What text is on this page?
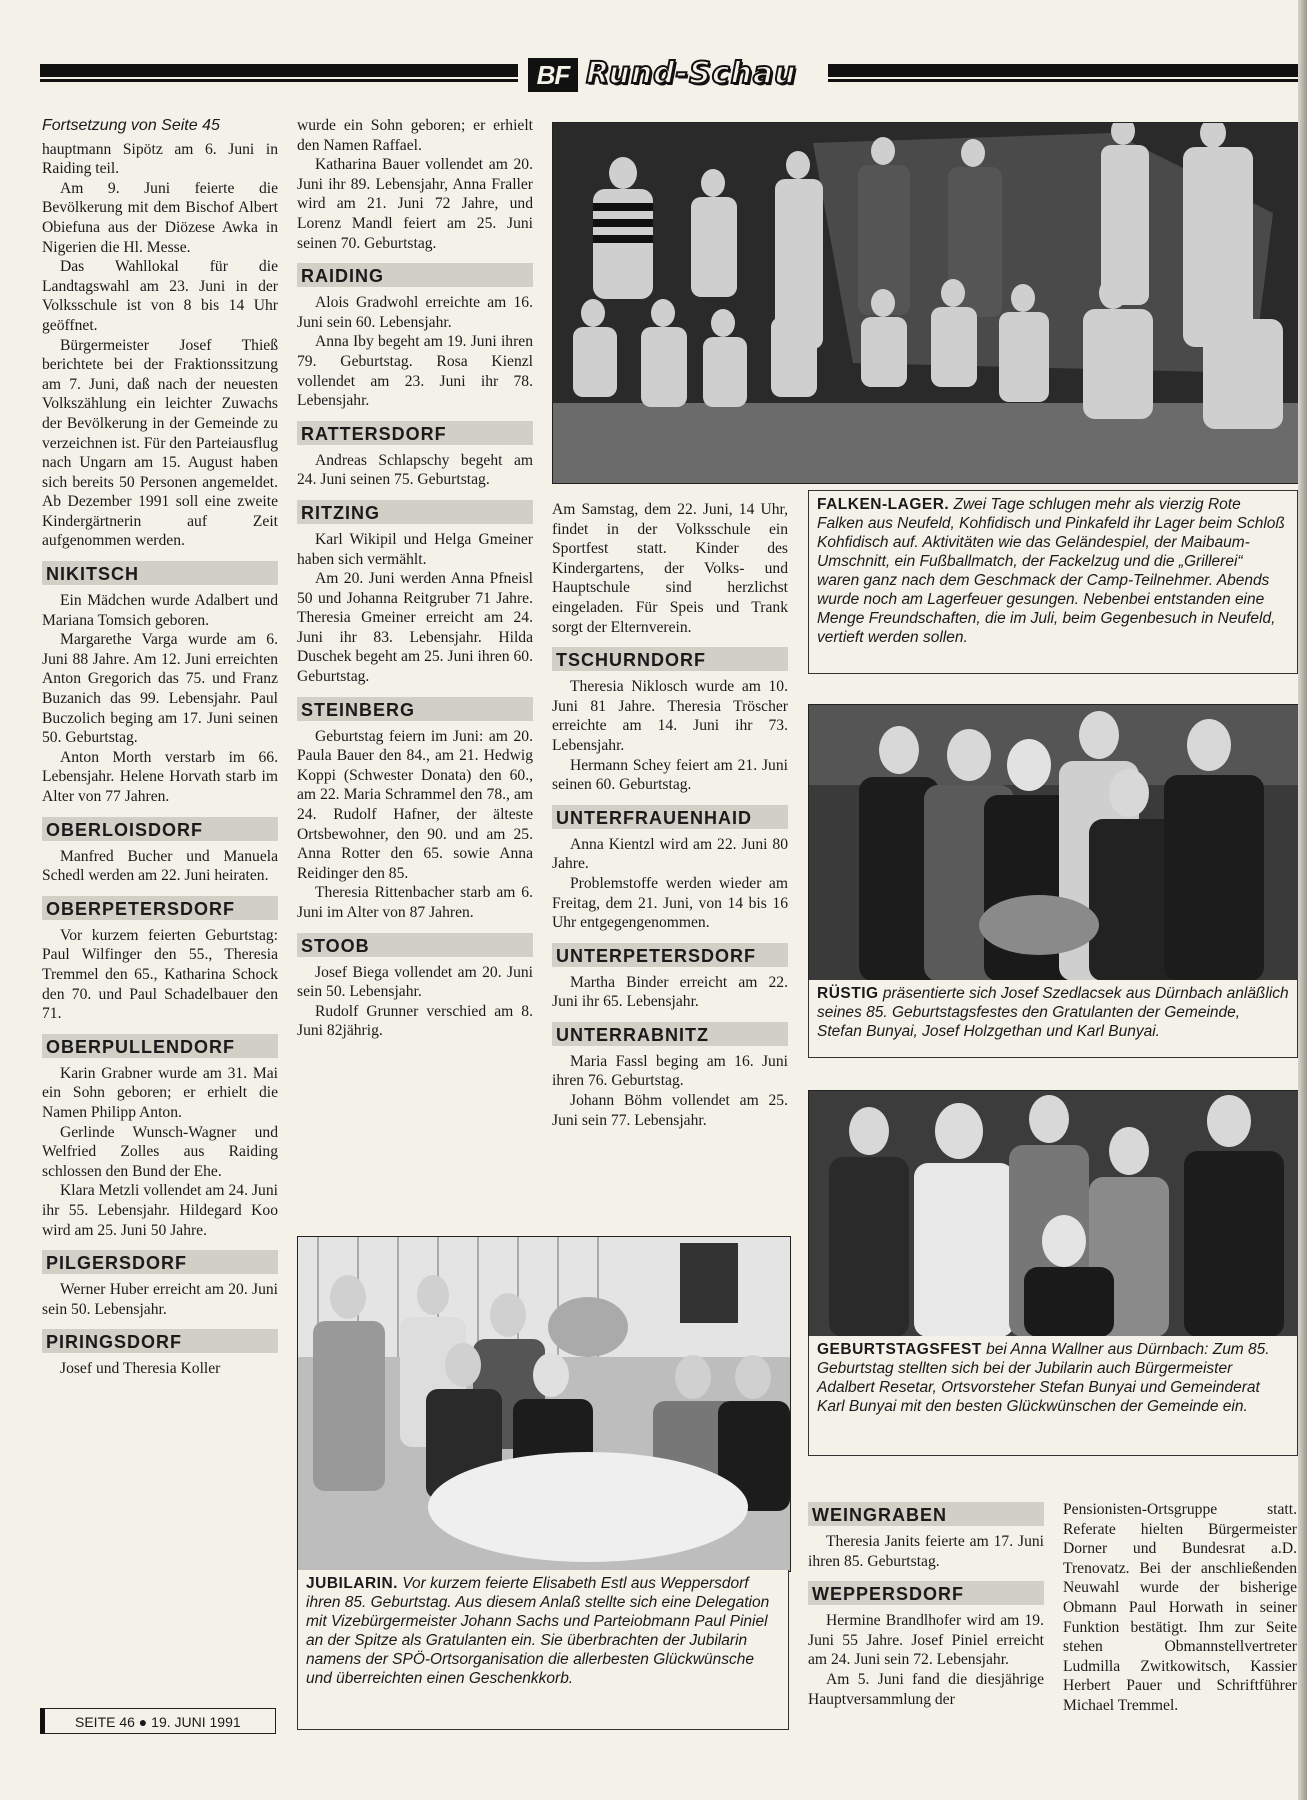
BF Rund-Schau
Fortsetzung von Seite 45

hauptmann Sipötz am 6. Juni in Raiding teil.

Am 9. Juni feierte die Bevölkerung mit dem Bischof Albert Obiefuna aus der Diözese Awka in Nigerien die Hl. Messe.

Das Wahllokal für die Landtagswahl am 23. Juni in der Volksschule ist von 8 bis 14 Uhr geöffnet.

Bürgermeister Josef Thieß berichtete bei der Fraktionssitzung am 7. Juni, daß nach der neuesten Volkszählung ein leichter Zuwachs der Bevölkerung in der Gemeinde zu verzeichnen ist. Für den Parteiausflug nach Ungarn am 15. August haben sich bereits 50 Personen angemeldet. Ab Dezember 1991 soll eine zweite Kindergärtnerin auf Zeit aufgenommen werden.

NIKITSCH

Ein Mädchen wurde Adalbert und Mariana Tomsich geboren.

Margarethe Varga wurde am 6. Juni 88 Jahre. Am 12. Juni erreichten Anton Gregorich das 75. und Franz Buzanich das 99. Lebensjahr. Paul Buczolich beging am 17. Juni seinen 50. Geburtstag.

Anton Morth verstarb im 66. Lebensjahr. Helene Horvath starb im Alter von 77 Jahren.

OBERLOISDORF

Manfred Bucher und Manuela Schedl werden am 22. Juni heiraten.

OBERPETERSDORF

Vor kurzem feierten Geburtstag: Paul Wilfinger den 55., Theresia Tremmel den 65., Katharina Schock den 70. und Paul Schadelbauer den 71.

OBERPULLENDORF

Karin Grabner wurde am 31. Mai ein Sohn geboren; er erhielt die Namen Philipp Anton.

Gerlinde Wunsch-Wagner und Welfried Zolles aus Raiding schlossen den Bund der Ehe.

Klara Metzli vollendet am 24. Juni ihr 55. Lebensjahr. Hildegard Koo wird am 25. Juni 50 Jahre.

PILGERSDORF

Werner Huber erreicht am 20. Juni sein 50. Lebensjahr.

PIRINGSDORF

Josef und Theresia Koller

wurde ein Sohn geboren; er erhielt den Namen Raffael.

Katharina Bauer vollendet am 20. Juni ihr 89. Lebensjahr, Anna Fraller wird am 21. Juni 72 Jahre, und Lorenz Mandl feiert am 25. Juni seinen 70. Geburtstag.

RAIDING

Alois Gradwohl erreichte am 16. Juni sein 60. Lebensjahr.

Anna Iby begeht am 19. Juni ihren 79. Geburtstag. Rosa Kienzl vollendet am 23. Juni ihr 78. Lebensjahr.

RATTERSDORF

Andreas Schlapschy begeht am 24. Juni seinen 75. Geburtstag.

RITZING

Karl Wikipil und Helga Gmeiner haben sich vermählt.

Am 20. Juni werden Anna Pfneisl 50 und Johanna Reitgruber 71 Jahre. Theresia Gmeiner erreicht am 24. Juni ihr 83. Lebensjahr. Hilda Duschek begeht am 25. Juni ihren 60. Geburtstag.

STEINBERG

Geburtstag feiern im Juni: am 20. Paula Bauer den 84., am 21. Hedwig Koppi (Schwester Donata) den 60., am 22. Maria Schrammel den 78., am 24. Rudolf Hafner, der älteste Ortsbewohner, den 90. und am 25. Anna Rotter den 65. sowie Anna Reidinger den 85.

Theresia Rittenbacher starb am 6. Juni im Alter von 87 Jahren.

STOOB

Josef Biega vollendet am 20. Juni sein 50. Lebensjahr.

Rudolf Grunner verschied am 8. Juni 82jährig.

Am Samstag, dem 22. Juni, 14 Uhr, findet in der Volksschule ein Sportfest statt. Kinder des Kindergartens, der Volks- und Hauptschule sind herzlichst eingeladen. Für Speis und Trank sorgt der Elternverein.

TSCHURNDORF

Theresia Niklosch wurde am 10. Juni 81 Jahre. Theresia Tröscher erreichte am 14. Juni ihr 73. Lebensjahr.

Hermann Schey feiert am 21. Juni seinen 60. Geburtstag.

UNTERFRAUENHAID

Anna Kientzl wird am 22. Juni 80 Jahre.

Problemstoffe werden wieder am Freitag, dem 21. Juni, von 14 bis 16 Uhr entgegengenommen.

UNTERPETERSDORF

Martha Binder erreicht am 22. Juni ihr 65. Lebensjahr.

UNTERRABNITZ

Maria Fassl beging am 16. Juni ihren 76. Geburtstag.

Johann Böhm vollendet am 25. Juni sein 77. Lebensjahr.

WEINGRABEN

Theresia Janits feierte am 17. Juni ihren 85. Geburtstag.

WEPPERSDORF

Hermine Brandlhofer wird am 19. Juni 55 Jahre. Josef Piniel erreicht am 24. Juni sein 72. Lebensjahr.

Am 5. Juni fand die diesjährige Hauptversammlung der

Pensionisten-Ortsgruppe statt. Referate hielten Bürgermeister Dorner und Bundesrat a.D. Trenovatz. Bei der anschließenden Neuwahl wurde der bisherige Obmann Paul Horwath in seiner Funktion bestätigt. Ihm zur Seite stehen Obmannstellvertreter Ludmilla Zwitkowitsch, Kassier Herbert Pauer und Schriftführer Michael Tremmel.

FALKEN-LAGER. Zwei Tage schlugen mehr als vierzig Rote Falken aus Neufeld, Kohfidisch und Pinkafeld ihr Lager beim Schloß Kohfidisch auf. Aktivitäten wie das Geländespiel, der Maibaum-Umschnitt, ein Fußballmatch, der Fackelzug und die „Grillerei“ waren ganz nach dem Geschmack der Camp-Teilnehmer. Abends wurde noch am Lagerfeuer gesungen. Nebenbei entstanden eine Menge Freundschaften, die im Juli, beim Gegenbesuch in Neufeld, vertieft werden sollen.
RÜSTIG präsentierte sich Josef Szedlacsek aus Dürnbach anläßlich seines 85. Geburtstagsfestes den Gratulanten der Gemeinde, Stefan Bunyai, Josef Holzgethan und Karl Bunyai.
GEBURTSTAGSFEST bei Anna Wallner aus Dürnbach: Zum 85. Geburtstag stellten sich bei der Jubilarin auch Bürgermeister Adalbert Resetar, Ortsvorsteher Stefan Bunyai und Gemeinderat Karl Bunyai mit den besten Glückwünschen der Gemeinde ein.
JUBILARIN. Vor kurzem feierte Elisabeth Estl aus Weppersdorf ihren 85. Geburtstag. Aus diesem Anlaß stellte sich eine Delegation mit Vizebürgermeister Johann Sachs und Parteiobmann Paul Piniel an der Spitze als Gratulanten ein. Sie überbrachten der Jubilarin namens der SPÖ-Ortsorganisation die allerbesten Glückwünsche und überreichten einen Geschenkkorb.
SEITE 46 ● 19. JUNI 1991
